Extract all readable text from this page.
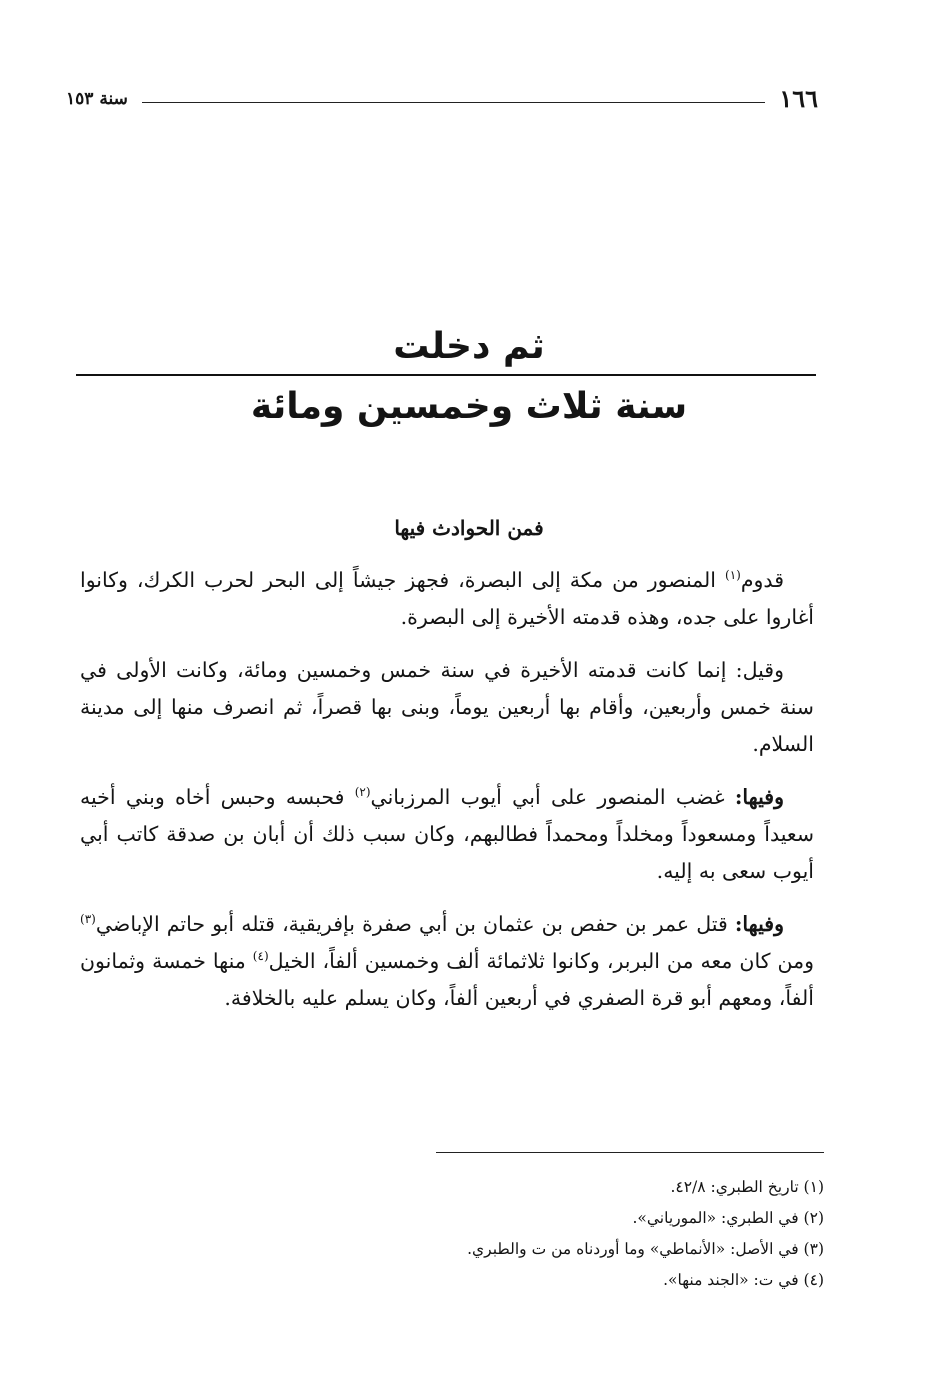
١٦٦
سنة ١٥٣
ثم دخلت
سنة ثلاث وخمسين ومائة
فمن الحوادث فيها

قدوم$^{(١)}$ المنصور من مكة إلى البصرة، فجهز جيشاً إلى البحر لحرب الكرك، وكانوا أغاروا على جده، وهذه قدمته الأخيرة إلى البصرة.

وقيل: إنما كانت قدمته الأخيرة في سنة خمس وخمسين ومائة، وكانت الأولى في سنة خمس وأربعين، وأقام بها أربعين يوماً، وبنى بها قصراً، ثم انصرف منها إلى مدينة السلام.

وفيها: غضب المنصور على أبي أيوب المرزباني$^{(٢)}$ فحبسه وحبس أخاه وبني أخيه سعيداً ومسعوداً ومخلداً ومحمداً فطالبهم، وكان سبب ذلك أن أبان بن صدقة كاتب أبي أيوب سعى به إليه.

وفيها: قتل عمر بن حفص بن عثمان بن أبي صفرة بإفريقية، قتله أبو حاتم الإباضي$^{(٣)}$ ومن كان معه من البربر، وكانوا ثلاثمائة ألف وخمسين ألفاً، الخيل$^{(٤)}$ منها خمسة وثمانون ألفاً، ومعهم أبو قرة الصفري في أربعين ألفاً، وكان يسلم عليه بالخلافة.

(١) تاريخ الطبري: ٤٢/٨.

(٢) في الطبري: «المورياني».

(٣) في الأصل: «الأنماطي» وما أوردناه من ت والطبري.

(٤) في ت: «الجند منها».
